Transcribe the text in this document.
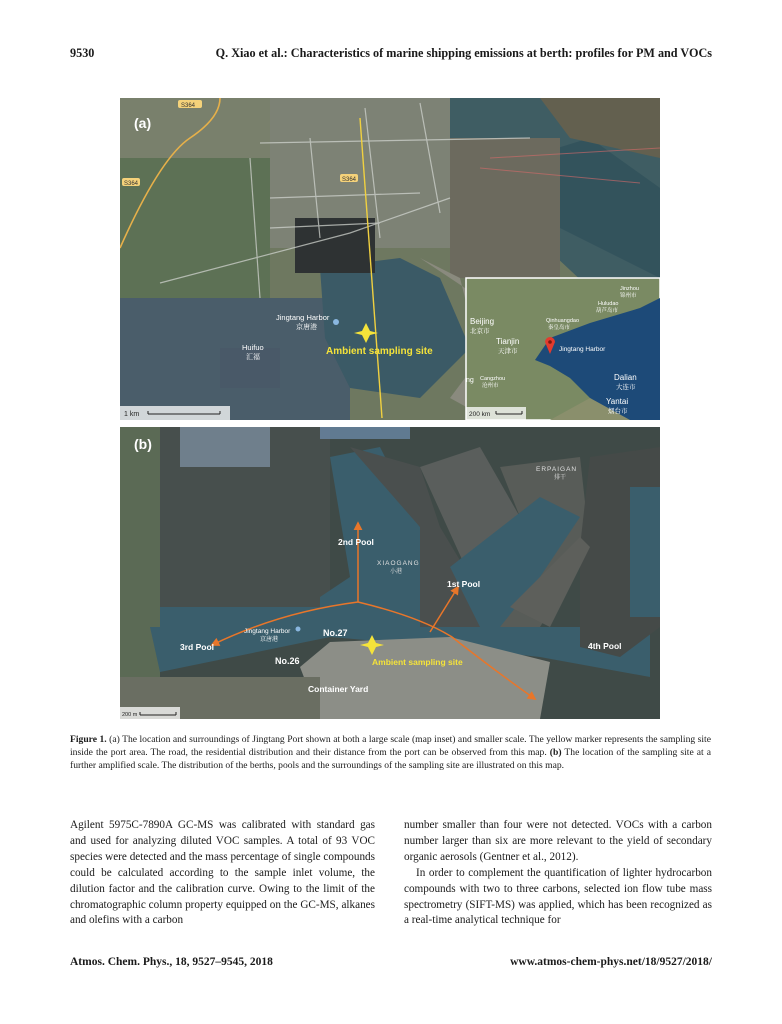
9530	Q. Xiao et al.: Characteristics of marine shipping emissions at berth: profiles for PM and VOCs
(a)
S364
S364
S364
Jingtang Harbor
京唐港
Huifuo
汇福
Ambient sampling site
1 km
Jinzhou
锦州市
Huludao
葫芦岛市
Beijing
北京市
Qinhuangdao
秦皇岛市
Tianjin
天津市	Jingtang Harbor
ng Cangzhou
沧州市
Dalian
大连市
Yantai
烟台市
200 km
(b)
ERPAIGAN
排干
XIAOGANG
小港
2nd Pool
1st Pool
3rd Pool	4th Pool
Jingtang Harbor
京唐港
No.27
No.26	Ambient sampling site
Container Yard
200 m
Figure 1. (a) The location and surroundings of Jingtang Port shown at both a large scale (map inset) and smaller scale. The yellow marker represents the sampling site inside the port area. The road, the residential distribution and their distance from the port can be observed from this map. (b) The location of the sampling site at a further amplified scale. The distribution of the berths, pools and the surroundings of the sampling site are illustrated on this map.

Agilent 5975C-7890A GC-MS was calibrated with standard gas and used for analyzing diluted VOC samples. A total of 93 VOC species were detected and the mass percentage of single compounds could be calculated according to the sample inlet volume, the dilution factor and the calibration curve. Owing to the limit of the chromatographic column property equipped on the GC-MS, alkanes and olefins with a carbon

number smaller than four were not detected. VOCs with a carbon number larger than six are more relevant to the yield of secondary organic aerosols (Gentner et al., 2012).

In order to complement the quantification of lighter hydrocarbon compounds with two to three carbons, selected ion flow tube mass spectrometry (SIFT-MS) was applied, which has been recognized as a real-time analytical technique for

Atmos. Chem. Phys., 18, 9527–9545, 2018	www.atmos-chem-phys.net/18/9527/2018/
